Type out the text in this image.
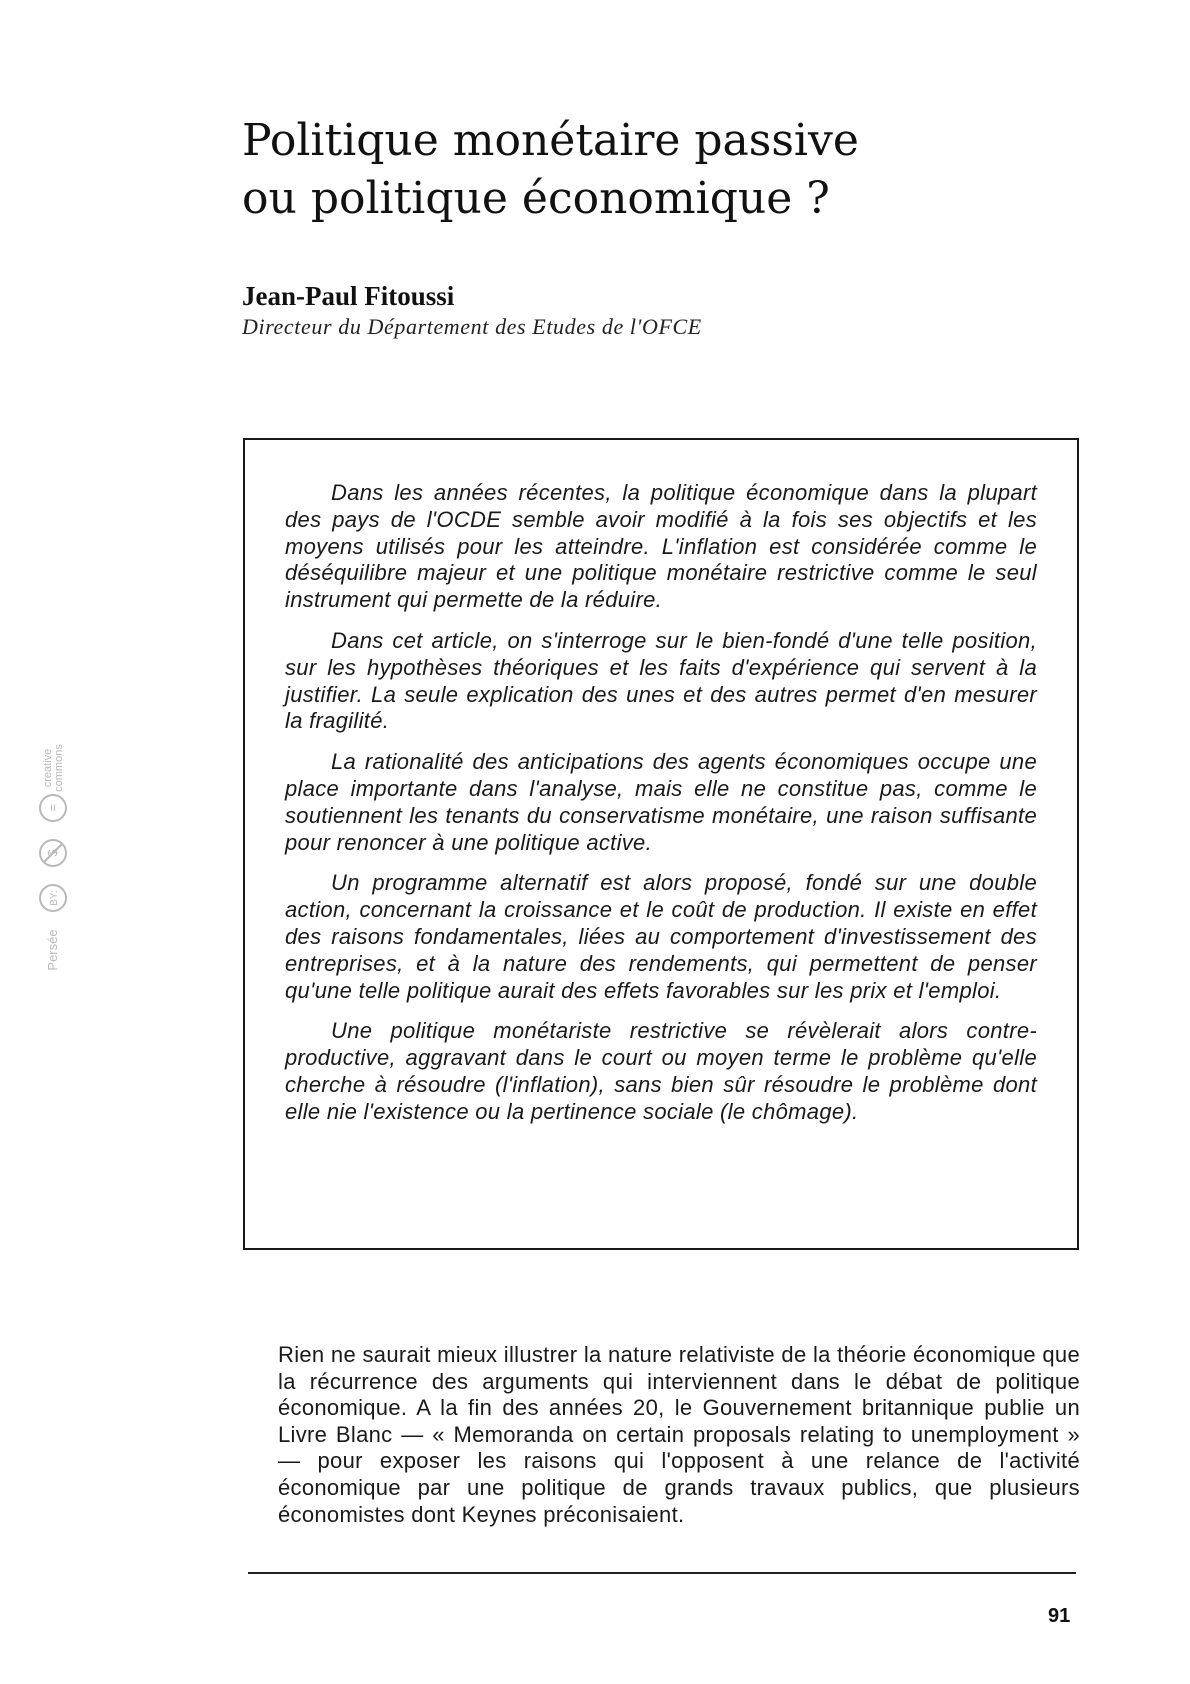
Politique monétaire passive
ou politique économique ?
Jean-Paul Fitoussi
Directeur du Département des Etudes de l'OFCE

Dans les années récentes, la politique économique dans la plupart des pays de l'OCDE semble avoir modifié à la fois ses objectifs et les moyens utilisés pour les atteindre. L'inflation est considérée comme le déséquilibre majeur et une politique monétaire restrictive comme le seul instrument qui permette de la réduire.

Dans cet article, on s'interroge sur le bien-fondé d'une telle position, sur les hypothèses théoriques et les faits d'expérience qui servent à la justifier. La seule explication des unes et des autres permet d'en mesurer la fragilité.

La rationalité des anticipations des agents économiques occupe une place importante dans l'analyse, mais elle ne constitue pas, comme le soutiennent les tenants du conservatisme monétaire, une raison suffisante pour renoncer à une politique active.

Un programme alternatif est alors proposé, fondé sur une double action, concernant la croissance et le coût de production. Il existe en effet des raisons fondamentales, liées au comportement d'investissement des entreprises, et à la nature des rendements, qui permettent de penser qu'une telle politique aurait des effets favorables sur les prix et l'emploi.

Une politique monétariste restrictive se révèlerait alors contre-productive, aggravant dans le court ou moyen terme le problème qu'elle cherche à résoudre (l'inflation), sans bien sûr résoudre le problème dont elle nie l'existence ou la pertinence sociale (le chômage).

Rien ne saurait mieux illustrer la nature relativiste de la théorie économique que la récurrence des arguments qui interviennent dans le débat de politique économique. A la fin des années 20, le Gouvernement britannique publie un Livre Blanc — « Memoranda on certain proposals relating to unemployment » — pour exposer les raisons qui l'opposent à une relance de l'activité économique par une politique de grands travaux publics, que plusieurs économistes dont Keynes préconisaient.

91
creative commons
=
$
BY:
Persée
